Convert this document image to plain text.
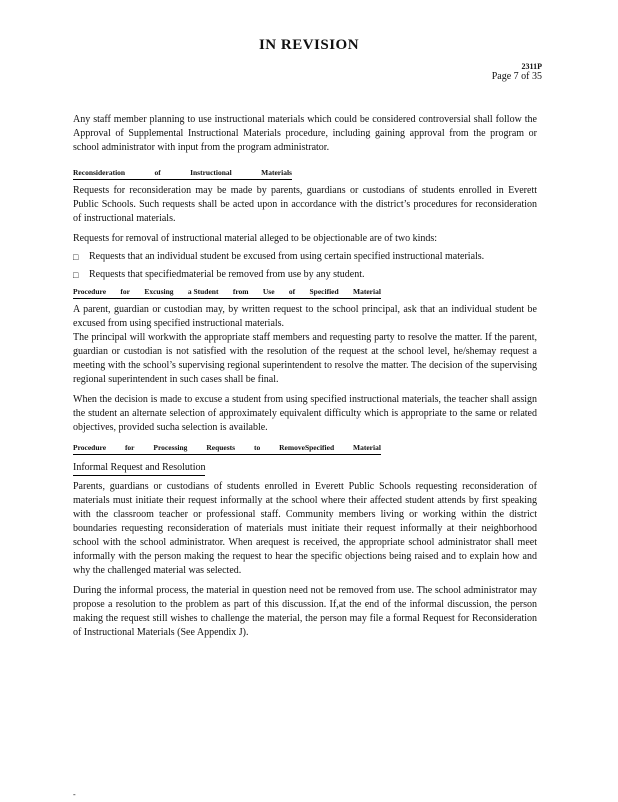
IN REVISION
2311P
Page 7 of 35

Any staff member planning to use instructional materials which could be considered controversial shall follow the Approval of Supplemental Instructional Materials procedure, including gaining approval from the program or school administrator with input from the program administrator.

Reconsideration	of	Instructional	Materials

Requests for reconsideration may be made by parents, guardians or custodians of students enrolled in Everett Public Schools. Such requests shall be acted upon in accordance with the district’s procedures for reconsideration of instructional materials.

Requests for removal of instructional material alleged to be objectionable are of two kinds:

□	Requests that an individual student be excused from using certain specified instructional materials.
□	Requests that specifiedmaterial be removed from use by any student.
Procedure for Excusing a Student from Use of Specified Material

A parent, guardian or custodian may, by written request to the school principal, ask that an individual student be excused from using specified instructional materials.

The principal will workwith the appropriate staff members and requesting party to resolve the matter. If the parent, guardian or custodian is not satisfied with the resolution of the request at the school level, he/shemay request a meeting with the school’s supervising regional superintendent to resolve the matter. The decision of the supervising regional superintendent in such cases shall be final.

When the decision is made to excuse a student from using specified instructional materials, the teacher shall assign the student an alternate selection of approximately equivalent difficulty which is appropriate to the same or related objectives, provided sucha selection is available.

Procedure	for	Processing	Requests	to	RemoveSpecified	Material
Informal Request and Resolution

Parents, guardians or custodians of students enrolled in Everett Public Schools requesting reconsideration of materials must initiate their request informally at the school where their affected student attends by first speaking with the classroom teacher or professional staff. Community members living or working within the district boundaries requesting reconsideration of materials must initiate their request informally at their neighborhood school with the school administrator. When arequest is received, the appropriate school administrator shall meet informally with the person making the request to hear the specific objections being raised and to explain how and why the challenged material was selected.

During the informal process, the material in question need not be removed from use. The school administrator may propose a resolution to the problem as part of this discussion. If,at the end of the informal discussion, the person making the request still wishes to challenge the material, the person may file a formal Request for Reconsideration of Instructional Materials (See Appendix J).

-
